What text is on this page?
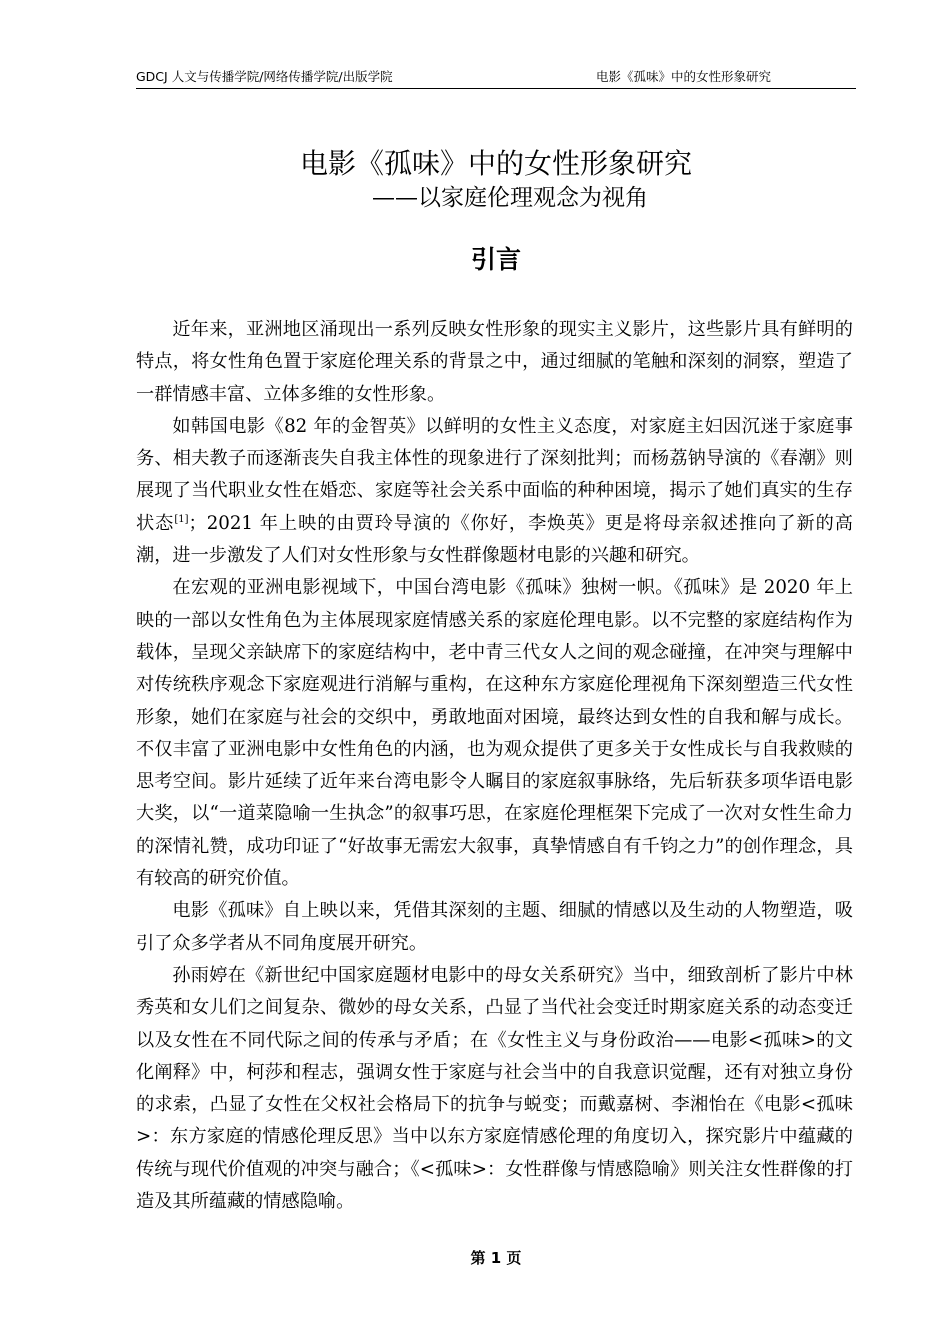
GDCJ 人文与传播学院/网络传播学院/出版学院	电影《孤味》中的女性形象研究
电影《孤味》中的女性形象研究
——以家庭伦理观念为视角
引言

近年来，亚洲地区涌现出一系列反映女性形象的现实主义影片，这些影片具有鲜明的特点，将女性角色置于家庭伦理关系的背景之中，通过细腻的笔触和深刻的洞察，塑造了一群情感丰富、立体多维的女性形象。

如韩国电影《82 年的金智英》以鲜明的女性主义态度，对家庭主妇因沉迷于家庭事务、相夫教子而逐渐丧失自我主体性的现象进行了深刻批判；而杨荔钠导演的《春潮》则展现了当代职业女性在婚恋、家庭等社会关系中面临的种种困境，揭示了她们真实的生存状态[1]；2021 年上映的由贾玲导演的《你好，李焕英》更是将母亲叙述推向了新的高潮，进一步激发了人们对女性形象与女性群像题材电影的兴趣和研究。

在宏观的亚洲电影视域下，中国台湾电影《孤味》独树一帜。《孤味》是 2020 年上映的一部以女性角色为主体展现家庭情感关系的家庭伦理电影。以不完整的家庭结构作为载体，呈现父亲缺席下的家庭结构中，老中青三代女人之间的观念碰撞，在冲突与理解中对传统秩序观念下家庭观进行消解与重构，在这种东方家庭伦理视角下深刻塑造三代女性形象，她们在家庭与社会的交织中，勇敢地面对困境，最终达到女性的自我和解与成长。不仅丰富了亚洲电影中女性角色的内涵，也为观众提供了更多关于女性成长与自我救赎的思考空间。影片延续了近年来台湾电影令人瞩目的家庭叙事脉络，先后斩获多项华语电影大奖，以“一道菜隐喻一生执念”的叙事巧思，在家庭伦理框架下完成了一次对女性生命力的深情礼赞，成功印证了“好故事无需宏大叙事，真挚情感自有千钧之力”的创作理念，具有较高的研究价值。

电影《孤味》自上映以来，凭借其深刻的主题、细腻的情感以及生动的人物塑造，吸引了众多学者从不同角度展开研究。

孙雨婷在《新世纪中国家庭题材电影中的母女关系研究》当中，细致剖析了影片中林秀英和女儿们之间复杂、微妙的母女关系，凸显了当代社会变迁时期家庭关系的动态变迁以及女性在不同代际之间的传承与矛盾；在《女性主义与身份政治——电影<孤味>的文化阐释》中，柯莎和程志，强调女性于家庭与社会当中的自我意识觉醒，还有对独立身份的求索，凸显了女性在父权社会格局下的抗争与蜕变；而戴嘉树、李湘怡在《电影<孤味>：东方家庭的情感伦理反思》当中以东方家庭情感伦理的角度切入，探究影片中蕴藏的传统与现代价值观的冲突与融合；《<孤味>：女性群像与情感隐喻》则关注女性群像的打造及其所蕴藏的情感隐喻。

第 1 页
